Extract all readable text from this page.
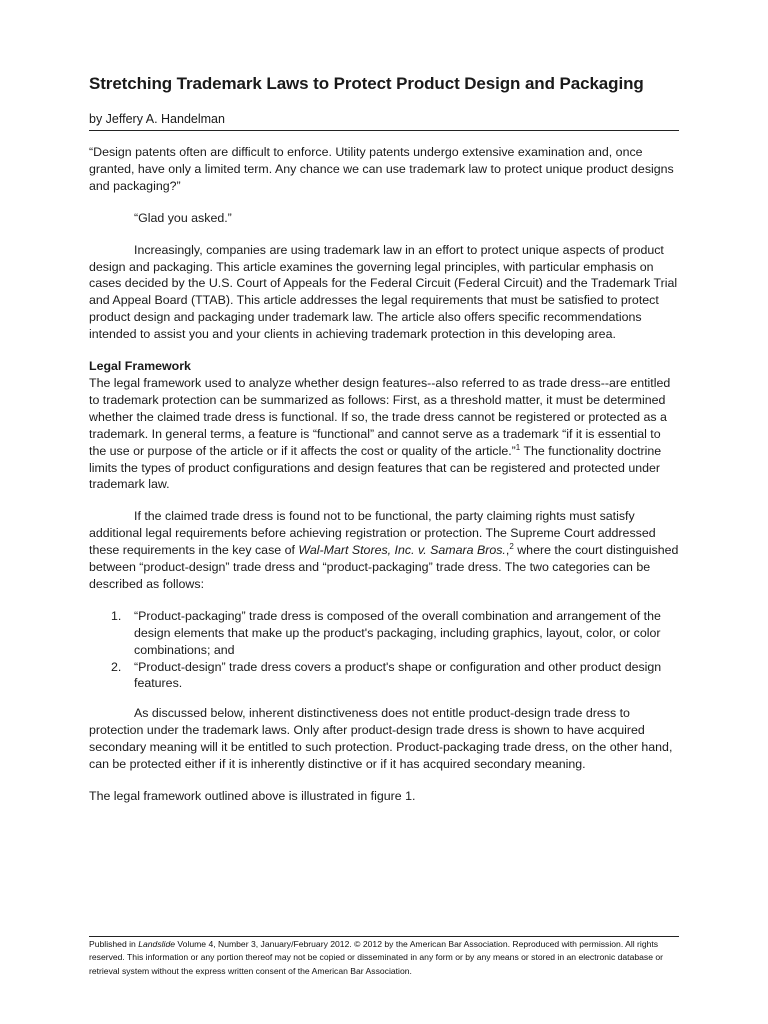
Stretching Trademark Laws to Protect Product Design and Packaging
by Jeffery A. Handelman

“Design patents often are difficult to enforce. Utility patents undergo extensive examination and, once granted, have only a limited term. Any chance we can use trademark law to protect unique product designs and packaging?”

“Glad you asked.”

Increasingly, companies are using trademark law in an effort to protect unique aspects of product design and packaging. This article examines the governing legal principles, with particular emphasis on cases decided by the U.S. Court of Appeals for the Federal Circuit (Federal Circuit) and the Trademark Trial and Appeal Board (TTAB). This article addresses the legal requirements that must be satisfied to protect product design and packaging under trademark law. The article also offers specific recommendations intended to assist you and your clients in achieving trademark protection in this developing area.

Legal Framework

The legal framework used to analyze whether design features--also referred to as trade dress--are entitled to trademark protection can be summarized as follows: First, as a threshold matter, it must be determined whether the claimed trade dress is functional. If so, the trade dress cannot be registered or protected as a trademark. In general terms, a feature is “functional” and cannot serve as a trademark “if it is essential to the use or purpose of the article or if it affects the cost or quality of the article.”$^1$ The functionality doctrine limits the types of product configurations and design features that can be registered and protected under trademark law.

If the claimed trade dress is found not to be functional, the party claiming rights must satisfy additional legal requirements before achieving registration or protection. The Supreme Court addressed these requirements in the key case of Wal-Mart Stores, Inc. v. Samara Bros.,$^2$ where the court distinguished between “product-design” trade dress and “product-packaging” trade dress. The two categories can be described as follows:

1. “Product-packaging” trade dress is composed of the overall combination and arrangement of the design elements that make up the product's packaging, including graphics, layout, color, or color combinations; and
2. “Product-design” trade dress covers a product's shape or configuration and other product design features.

As discussed below, inherent distinctiveness does not entitle product-design trade dress to protection under the trademark laws. Only after product-design trade dress is shown to have acquired secondary meaning will it be entitled to such protection. Product-packaging trade dress, on the other hand, can be protected either if it is inherently distinctive or if it has acquired secondary meaning.

The legal framework outlined above is illustrated in figure 1.

Published in Landslide Volume 4, Number 3, January/February 2012. © 2012 by the American Bar Association. Reproduced with permission. All rights reserved. This information or any portion thereof may not be copied or disseminated in any form or by any means or stored in an electronic database or retrieval system without the express written consent of the American Bar Association.
